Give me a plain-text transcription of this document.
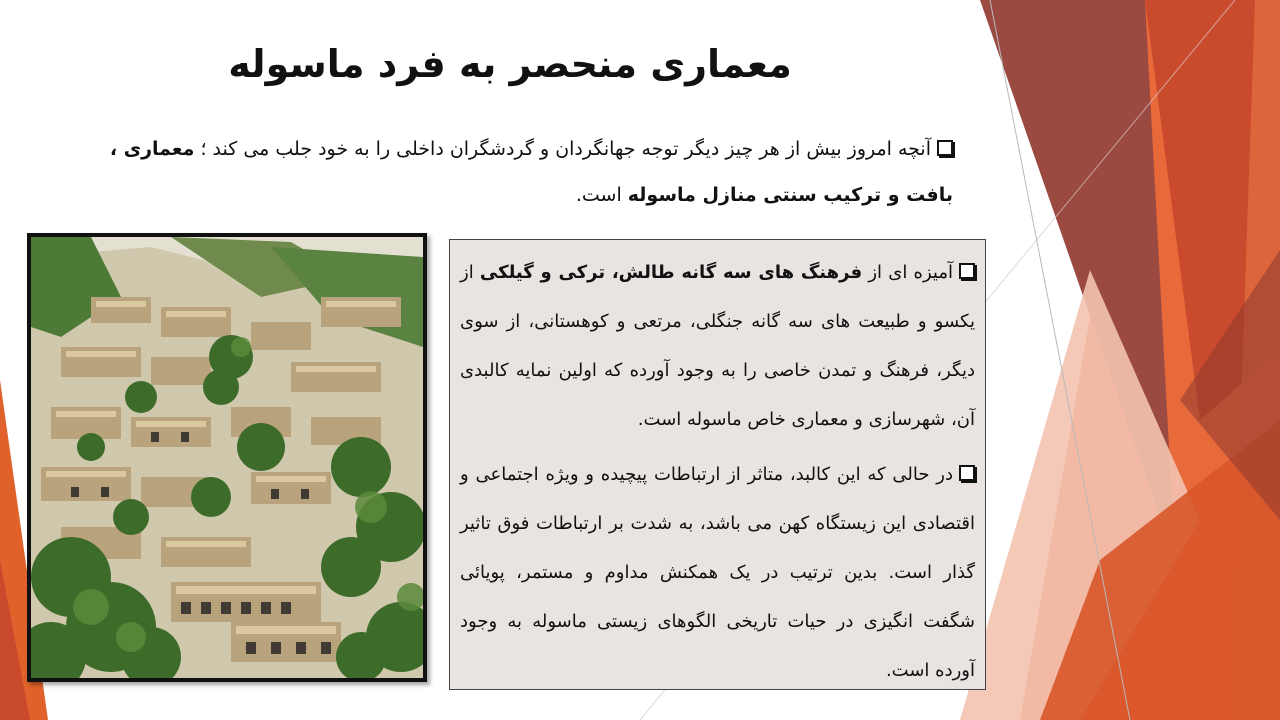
معماری منحصر به فرد ماسوله

آنچه امروز بیش از هر چیز دیگر توجه جهانگردان و گردشگران داخلی را به خود جلب می کند ؛ معماری ، بافت و ترکیب سنتی منازل ماسوله است.

آمیزه ای از فرهنگ های سه گانه طالش، ترکی و گیلکی از یکسو و طبیعت های سه گانه جنگلی، مرتعی و کوهستانی، از سوی دیگر، فرهنگ و تمدن خاصی را به وجود آورده که اولین نمایه کالبدی آن، شهرسازی و معماری خاص ماسوله است.

در حالی که این کالبد، متاثر از ارتباطات پیچیده و ویژه اجتماعی و اقتصادی این زیستگاه کهن می باشد، به شدت بر ارتباطات فوق تاثیر گذار است. بدین ترتیب در یک همکنش مداوم و مستمر، پویائی شگفت انگیزی در حیات تاریخی الگوهای زیستی ماسوله به وجود آورده است.
